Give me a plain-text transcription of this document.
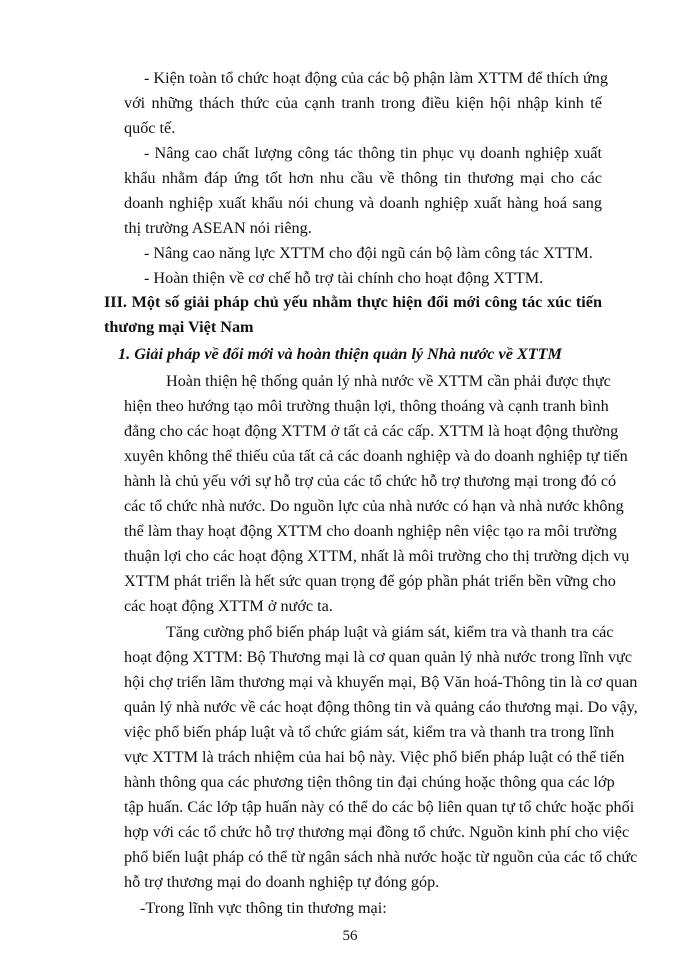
- Kiện toàn tổ chức hoạt động của các bộ phận làm XTTM để thích ứng
với những thách thức của cạnh tranh trong điều kiện hội nhập kinh tế
quốc tế.
- Nâng cao chất lượng công tác thông tin phục vụ doanh nghiệp xuất
khẩu nhằm đáp ứng tốt hơn nhu cầu về thông tin thương mại cho các
doanh nghiệp xuất khẩu nói chung và doanh nghiệp xuất hàng hoá sang
thị trường ASEAN nói riêng.
- Nâng cao năng lực XTTM cho đội ngũ cán bộ làm công tác XTTM.
- Hoàn thiện về cơ chế hỗ trợ tài chính cho hoạt động XTTM.
III. Một số giải pháp chủ yếu nhằm thực hiện đổi mới công tác xúc tiến
thương mại Việt Nam
1. Giải pháp về đổi mới và hoàn thiện quản lý Nhà nước về XTTM
Hoàn thiện hệ thống quản lý nhà nước về XTTM cần phải được thực
hiện theo hướng tạo môi trường thuận lợi, thông thoáng và cạnh tranh bình
đẳng cho các hoạt động XTTM ở tất cả các cấp. XTTM là hoạt động thường
xuyên không thể thiếu của tất cả các doanh nghiệp và do doanh nghiệp tự tiến
hành là chủ yếu với sự hỗ trợ của các tổ chức hỗ trợ thương mại trong đó có
các tổ chức nhà nước. Do nguồn lực của nhà nước có hạn và nhà nước không
thể làm thay hoạt động XTTM cho doanh nghiệp nên việc tạo ra môi trường
thuận lợi cho các hoạt động XTTM, nhất là môi trường cho thị trường dịch vụ
XTTM phát triển là hết sức quan trọng để góp phần phát triển bền vững cho
các hoạt động XTTM ở nước ta.
Tăng cường phổ biến pháp luật và giám sát, kiểm tra và thanh tra các
hoạt động XTTM: Bộ Thương mại là cơ quan quản lý nhà nước trong lĩnh vực
hội chợ triển lãm thương mại và khuyến mại, Bộ Văn hoá-Thông tin là cơ quan
quản lý nhà nước về các hoạt động thông tin và quảng cáo thương mại. Do vậy,
việc phổ biến pháp luật và tổ chức giám sát, kiểm tra và thanh tra trong lĩnh
vực XTTM là trách nhiệm của hai bộ này. Việc phổ biến pháp luật có thể tiến
hành thông qua các phương tiện thông tin đại chúng hoặc thông qua các lớp
tập huấn. Các lớp tập huấn này có thể do các bộ liên quan tự tổ chức hoặc phối
hợp với các tổ chức hỗ trợ thương mại đồng tổ chức. Nguồn kinh phí cho việc
phổ biến luật pháp có thể từ ngân sách nhà nước hoặc từ nguồn của các tổ chức
hỗ trợ thương mại do doanh nghiệp tự đóng góp.
-Trong lĩnh vực thông tin thương mại:
56
